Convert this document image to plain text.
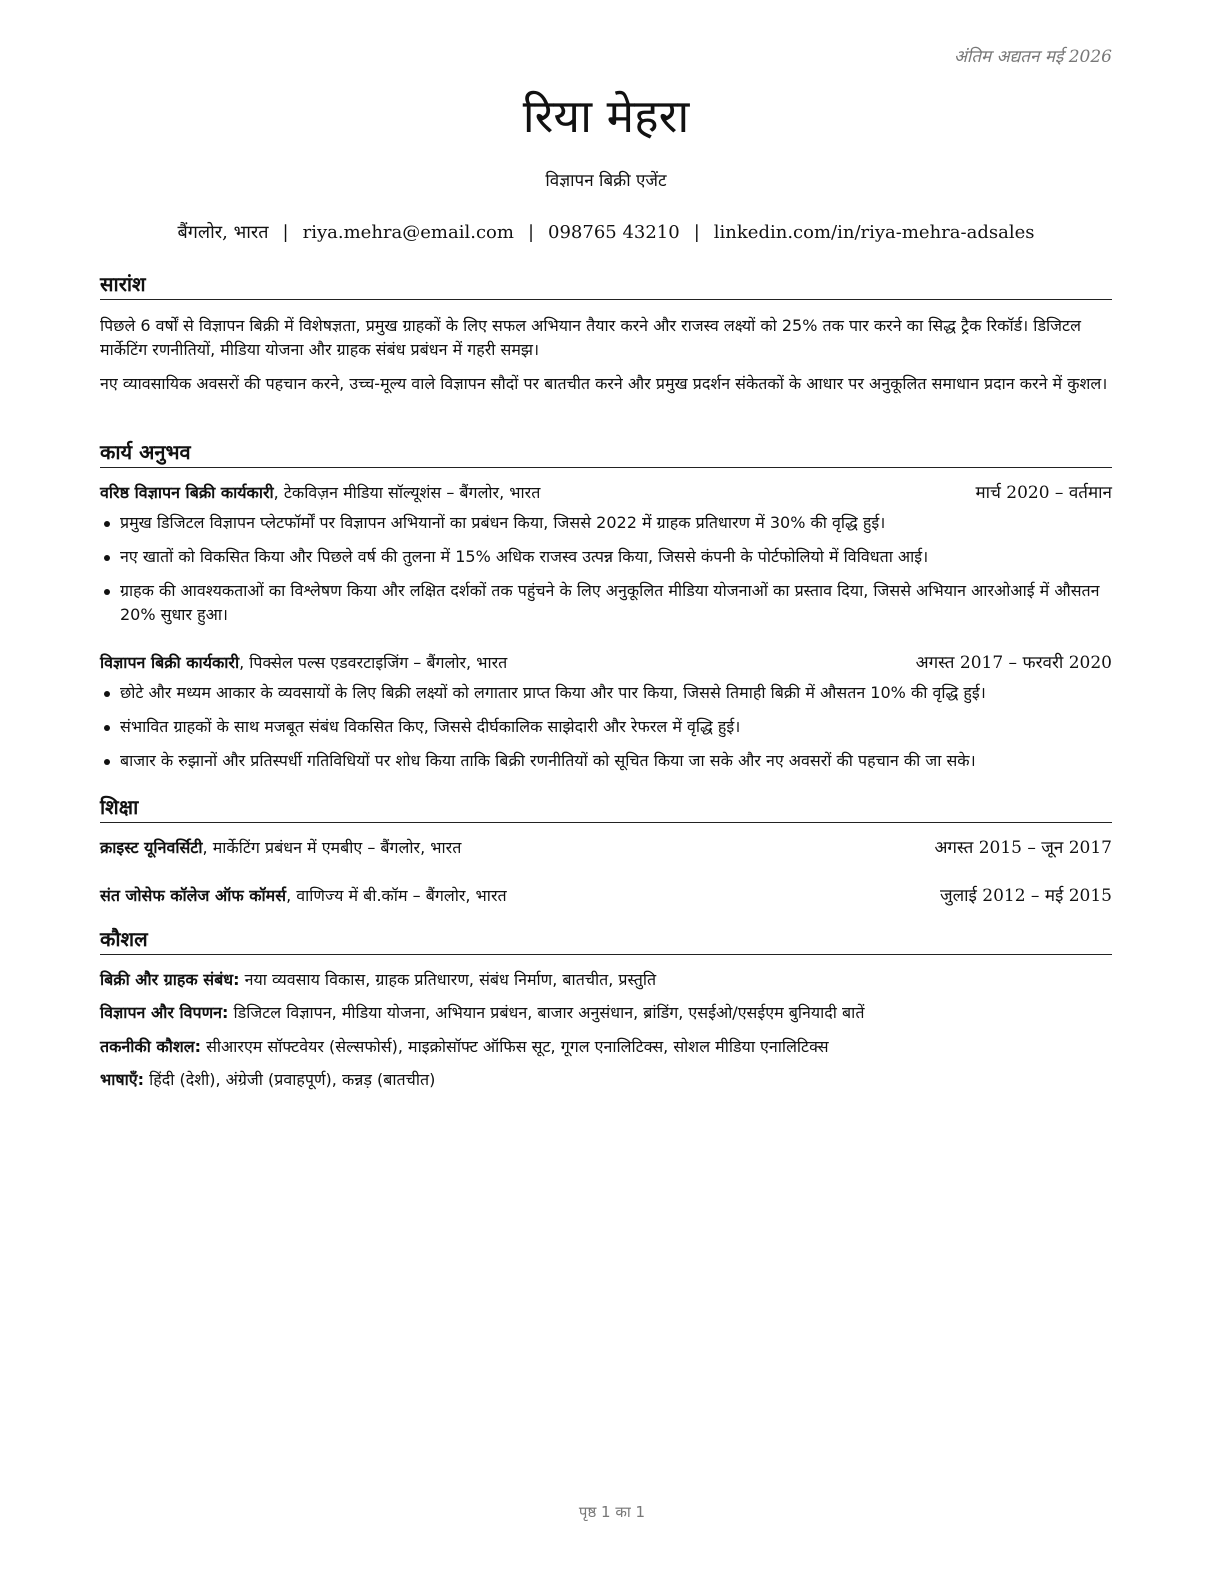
अंतिम अद्यतन मई 2026
रिया मेहरा
विज्ञापन बिक्री एजेंट
बैंगलोर, भारत | riya.mehra@email.com | 098765 43210 | linkedin.com/in/riya-mehra-adsales
सारांश
पिछले 6 वर्षों से विज्ञापन बिक्री में विशेषज्ञता, प्रमुख ग्राहकों के लिए सफल अभियान तैयार करने और राजस्व लक्ष्यों को 25% तक पार करने का सिद्ध ट्रैक रिकॉर्ड। डिजिटल मार्केटिंग रणनीतियों, मीडिया योजना और ग्राहक संबंध प्रबंधन में गहरी समझ।
नए व्यावसायिक अवसरों की पहचान करने, उच्च-मूल्य वाले विज्ञापन सौदों पर बातचीत करने और प्रमुख प्रदर्शन संकेतकों के आधार पर अनुकूलित समाधान प्रदान करने में कुशल।
कार्य अनुभव
वरिष्ठ विज्ञापन बिक्री कार्यकारी, टेकविज़न मीडिया सॉल्यूशंस – बैंगलोर, भारत	मार्च 2020 – वर्तमान
प्रमुख डिजिटल विज्ञापन प्लेटफॉर्मों पर विज्ञापन अभियानों का प्रबंधन किया, जिससे 2022 में ग्राहक प्रतिधारण में 30% की वृद्धि हुई।
नए खातों को विकसित किया और पिछले वर्ष की तुलना में 15% अधिक राजस्व उत्पन्न किया, जिससे कंपनी के पोर्टफोलियो में विविधता आई।
ग्राहक की आवश्यकताओं का विश्लेषण किया और लक्षित दर्शकों तक पहुंचने के लिए अनुकूलित मीडिया योजनाओं का प्रस्ताव दिया, जिससे अभियान आरओआई में औसतन 20% सुधार हुआ।
विज्ञापन बिक्री कार्यकारी, पिक्सेल पल्स एडवरटाइजिंग – बैंगलोर, भारत	अगस्त 2017 – फरवरी 2020
छोटे और मध्यम आकार के व्यवसायों के लिए बिक्री लक्ष्यों को लगातार प्राप्त किया और पार किया, जिससे तिमाही बिक्री में औसतन 10% की वृद्धि हुई।
संभावित ग्राहकों के साथ मजबूत संबंध विकसित किए, जिससे दीर्घकालिक साझेदारी और रेफरल में वृद्धि हुई।
बाजार के रुझानों और प्रतिस्पर्धी गतिविधियों पर शोध किया ताकि बिक्री रणनीतियों को सूचित किया जा सके और नए अवसरों की पहचान की जा सके।
शिक्षा
क्राइस्ट यूनिवर्सिटी, मार्केटिंग प्रबंधन में एमबीए – बैंगलोर, भारत	अगस्त 2015 – जून 2017
संत जोसेफ कॉलेज ऑफ कॉमर्स, वाणिज्य में बी.कॉम – बैंगलोर, भारत	जुलाई 2012 – मई 2015
कौशल
बिक्री और ग्राहक संबंध: नया व्यवसाय विकास, ग्राहक प्रतिधारण, संबंध निर्माण, बातचीत, प्रस्तुति
विज्ञापन और विपणन: डिजिटल विज्ञापन, मीडिया योजना, अभियान प्रबंधन, बाजार अनुसंधान, ब्रांडिंग, एसईओ/एसईएम बुनियादी बातें
तकनीकी कौशल: सीआरएम सॉफ्टवेयर (सेल्सफोर्स), माइक्रोसॉफ्ट ऑफिस सूट, गूगल एनालिटिक्स, सोशल मीडिया एनालिटिक्स
भाषाएँ: हिंदी (देशी), अंग्रेजी (प्रवाहपूर्ण), कन्नड़ (बातचीत)
पृष्ठ 1 का 1
